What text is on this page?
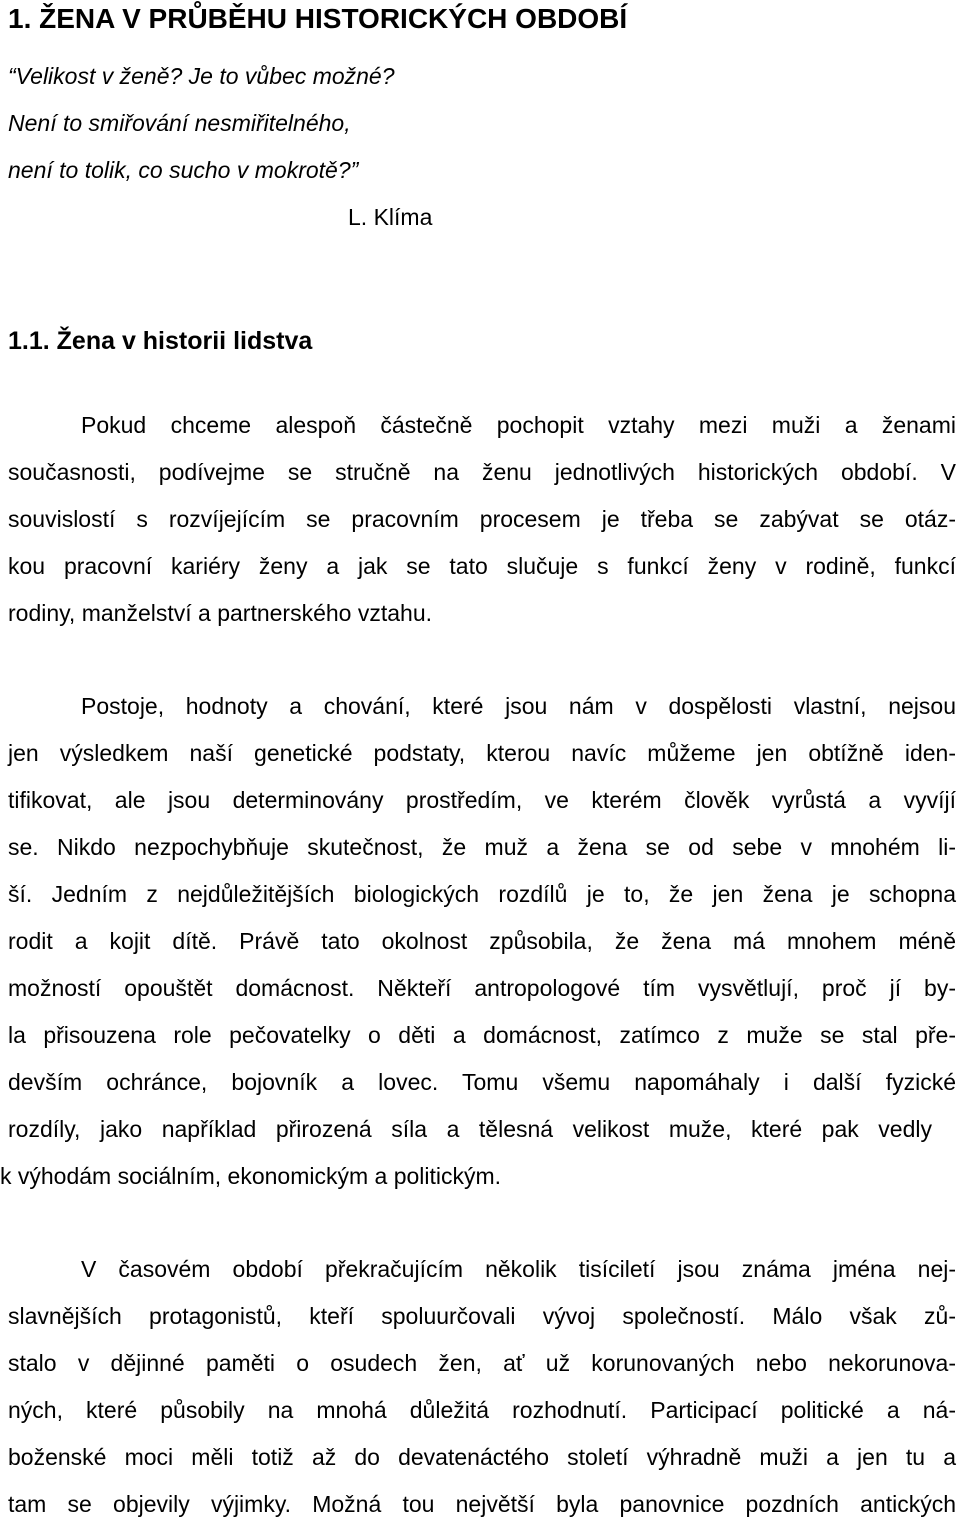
1. ŽENA V PRŮBĚHU HISTORICKÝCH OBDOBÍ
“Velikost v ženě? Je to vůbec možné?
Není to smiřování nesmiřitelného,
není to tolik, co sucho v mokrotě?”
L. Klíma
1.1. Žena v historii lidstva
Pokud chceme alespoň částečně pochopit vztahy mezi muži a ženami
současnosti, podívejme se stručně na ženu jednotlivých historických období. V
souvislostí s rozvíjejícím se pracovním procesem je třeba se zabývat se otáz-
kou pracovní kariéry ženy a jak se tato slučuje s funkcí ženy v rodině, funkcí
rodiny, manželství a partnerského vztahu.
Postoje, hodnoty a chování, které jsou nám v dospělosti vlastní, nejsou
jen výsledkem naší genetické podstaty, kterou navíc můžeme jen obtížně iden-
tifikovat, ale jsou determinovány prostředím, ve kterém člověk vyrůstá a vyvíjí
se. Nikdo nezpochybňuje skutečnost, že muž a žena se od sebe v mnohém li-
ší. Jedním z nejdůležitějších biologických rozdílů je to, že jen žena je schopna
rodit a kojit dítě. Právě tato okolnost způsobila, že žena má mnohem méně
možností opouštět domácnost. Někteří antropologové tím vysvětlují, proč jí by-
la přisouzena role pečovatelky o děti a domácnost, zatímco z muže se stal pře-
devším ochránce, bojovník a lovec. Tomu všemu napomáhaly i další fyzické
rozdíly, jako například přirozená síla a tělesná velikost muže, které pak vedly
k výhodám sociálním, ekonomickým a politickým.
V časovém období překračujícím několik tisíciletí jsou známa jména nej-
slavnějších protagonistů, kteří spoluurčovali vývoj společností. Málo však zů-
stalo v dějinné paměti o osudech žen, ať už korunovaných nebo nekorunova-
ných, které působily na mnohá důležitá rozhodnutí. Participací politické a ná-
boženské moci měli totiž až do devatenáctého století výhradně muži a jen tu a
tam se objevily výjimky. Možná tou největší byla panovnice pozdních antických
